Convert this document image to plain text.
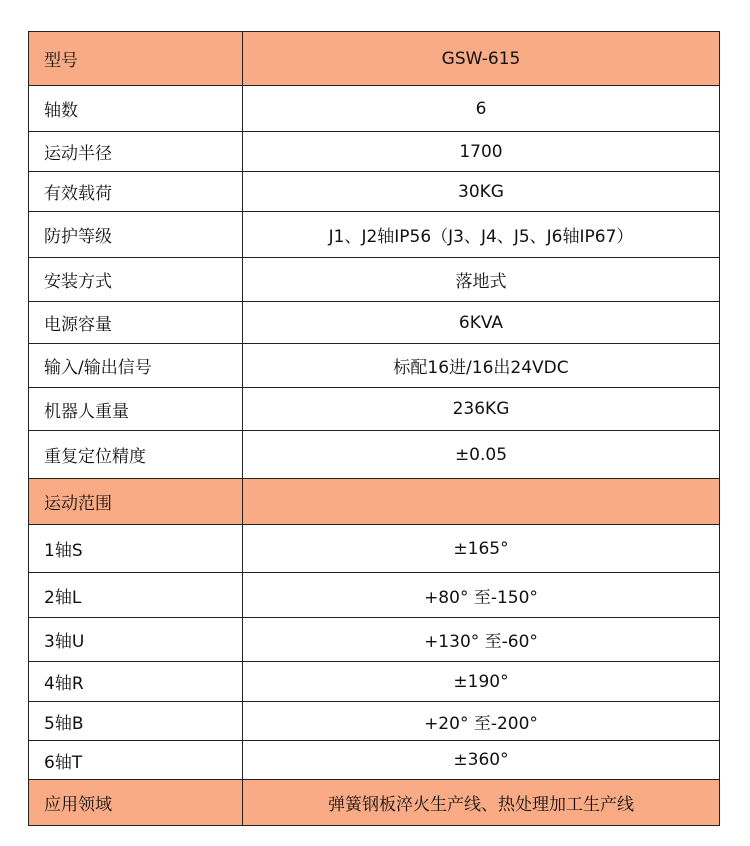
型号	GSW-615
轴数	6
运动半径	1700
有效载荷	30KG
防护等级	J1、J2轴IP56（J3、J4、J5、J6轴IP67）
安装方式	落地式
电源容量	6KVA
输入/输出信号	标配16进/16出24VDC
机器人重量	236KG
重复定位精度	±0.05
运动范围	
1轴S	±165°
2轴L	+80° 至-150°
3轴U	+130° 至-60°
4轴R	±190°
5轴B	+20° 至-200°
6轴T	±360°
应用领域	弹簧钢板淬火生产线、热处理加工生产线
